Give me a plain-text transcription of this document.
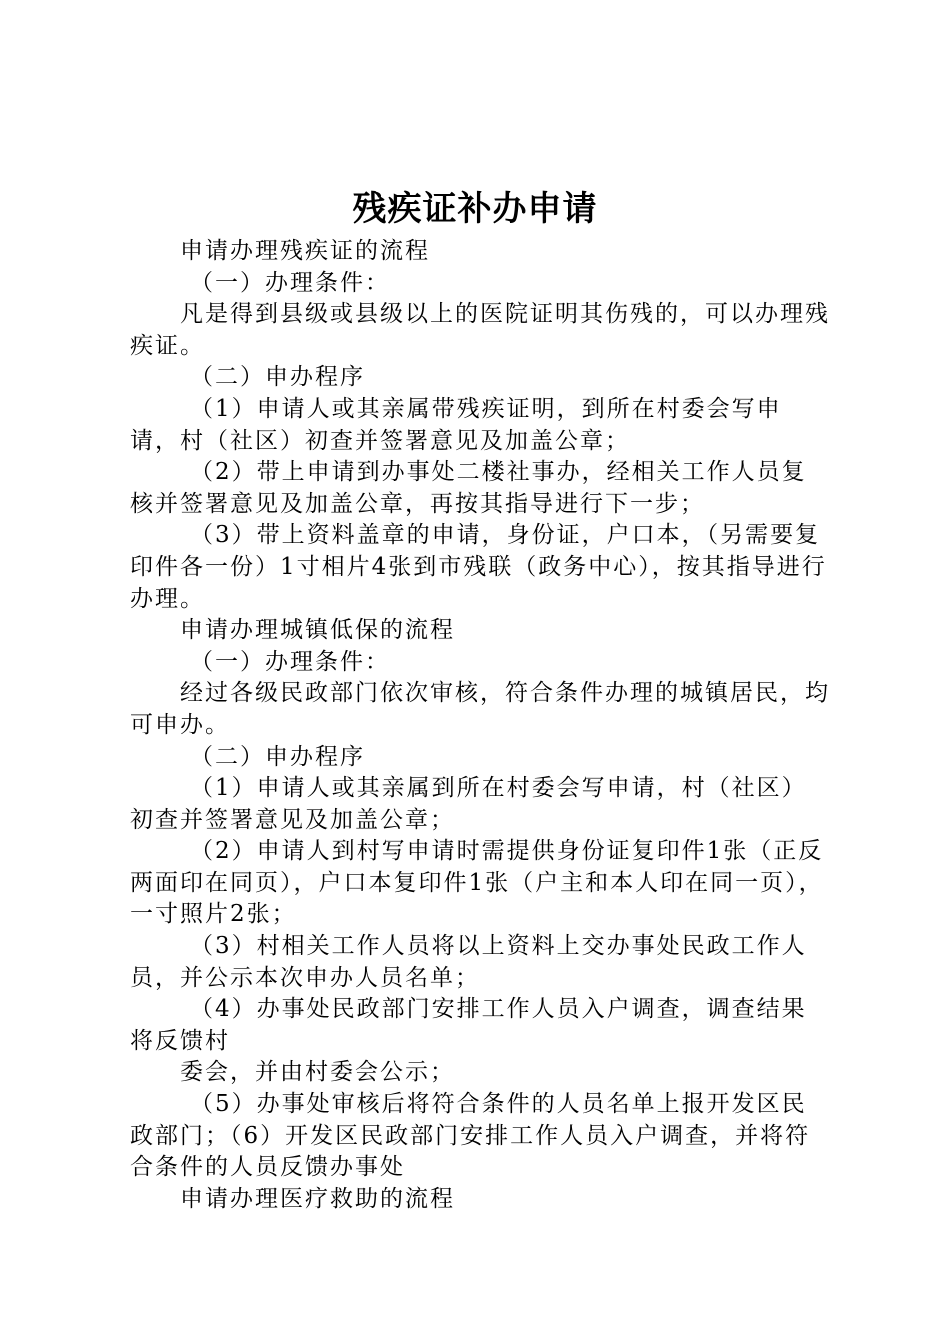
残疾证补办申请

申请办理残疾证的流程

（一）办理条件：

凡是得到县级或县级以上的医院证明其伤残的，可以办理残疾证。

（二）申办程序

（1）申请人或其亲属带残疾证明，到所在村委会写申请，村（社区）初查并签署意见及加盖公章；

（2）带上申请到办事处二楼社事办，经相关工作人员复核并签署意见及加盖公章，再按其指导进行下一步；

（3）带上资料盖章的申请，身份证，户口本，（另需要复印件各一份）1寸相片4张到市残联（政务中心），按其指导进行办理。

申请办理城镇低保的流程

（一）办理条件：

经过各级民政部门依次审核，符合条件办理的城镇居民，均可申办。

（二）申办程序

（1）申请人或其亲属到所在村委会写申请，村（社区）初查并签署意见及加盖公章；

（2）申请人到村写申请时需提供身份证复印件1张（正反两面印在同页），户口本复印件1张（户主和本人印在同一页），一寸照片2张；

（3）村相关工作人员将以上资料上交办事处民政工作人员，并公示本次申办人员名单；

（4）办事处民政部门安排工作人员入户调查，调查结果将反馈村

委会，并由村委会公示；

（5）办事处审核后将符合条件的人员名单上报开发区民政部门；（6）开发区民政部门安排工作人员入户调查，并将符合条件的人员反馈办事处

申请办理医疗救助的流程
